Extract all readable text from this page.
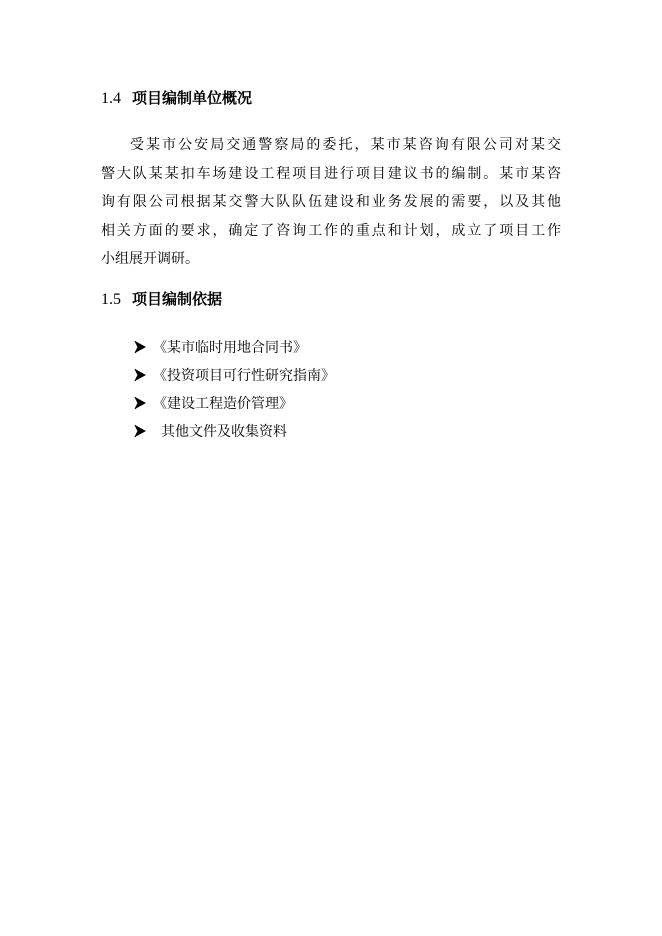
1.4 项目编制单位概况
受某市公安局交通警察局的委托，某市某咨询有限公司对某交
警大队某某扣车场建设工程项目进行项目建议书的编制。某市某咨
询有限公司根据某交警大队队伍建设和业务发展的需要，以及其他
相关方面的要求，确定了咨询工作的重点和计划，成立了项目工作
小组展开调研。
1.5 项目编制依据
《某市临时用地合同书》
《投资项目可行性研究指南》
《建设工程造价管理》
其他文件及收集资料
